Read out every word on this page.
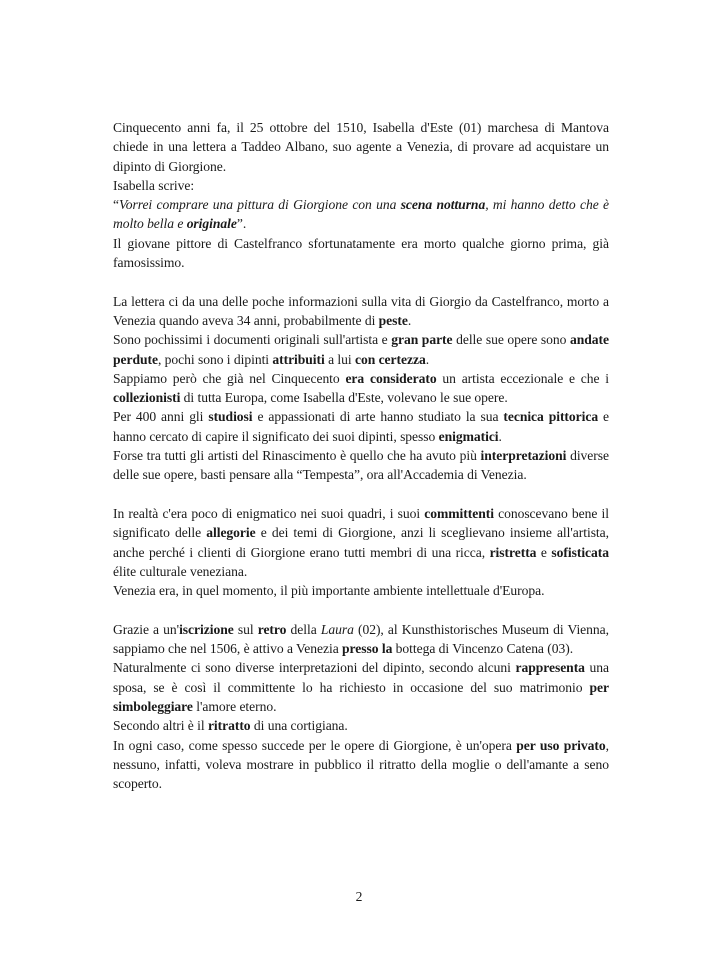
Cinquecento anni fa, il 25 ottobre del 1510, Isabella d'Este (01) marchesa di Mantova chiede in una lettera a Taddeo Albano, suo agente a Venezia, di provare ad acquistare un dipinto di Giorgione.

Isabella scrive:

“Vorrei comprare una pittura di Giorgione con una scena notturna, mi hanno detto che è molto bella e originale”.

Il giovane pittore di Castelfranco sfortunatamente era morto qualche giorno prima, già famosissimo.

La lettera ci da una delle poche informazioni sulla vita di Giorgio da Castelfranco, morto a Venezia quando aveva 34 anni, probabilmente di peste.

Sono pochissimi i documenti originali sull'artista e gran parte delle sue opere sono andate perdute, pochi sono i dipinti attribuiti a lui con certezza.

Sappiamo però che già nel Cinquecento era considerato un artista eccezionale e che i collezionisti di tutta Europa, come Isabella d'Este, volevano le sue opere.

Per 400 anni gli studiosi e appassionati di arte hanno studiato la sua tecnica pittorica e hanno cercato di capire il significato dei suoi dipinti, spesso enigmatici.

Forse tra tutti gli artisti del Rinascimento è quello che ha avuto più interpretazioni diverse delle sue opere, basti pensare alla “Tempesta”, ora all'Accademia di Venezia.

In realtà c'era poco di enigmatico nei suoi quadri, i suoi committenti conoscevano bene il significato delle allegorie e dei temi di Giorgione, anzi li sceglievano insieme all'artista, anche perché i clienti di Giorgione erano tutti membri di una ricca, ristretta e sofisticata élite culturale veneziana.

Venezia era, in quel momento, il più importante ambiente intellettuale d'Europa.

Grazie a un'iscrizione sul retro della Laura (02), al Kunsthistorisches Museum di Vienna, sappiamo che nel 1506, è attivo a Venezia presso la bottega di Vincenzo Catena (03).

Naturalmente ci sono diverse interpretazioni del dipinto, secondo alcuni rappresenta una sposa, se è così il committente lo ha richiesto in occasione del suo matrimonio per simboleggiare l'amore eterno.

Secondo altri è il ritratto di una cortigiana.

In ogni caso, come spesso succede per le opere di Giorgione, è un'opera per uso privato, nessuno, infatti, voleva mostrare in pubblico il ritratto della moglie o dell'amante a seno scoperto.

2
